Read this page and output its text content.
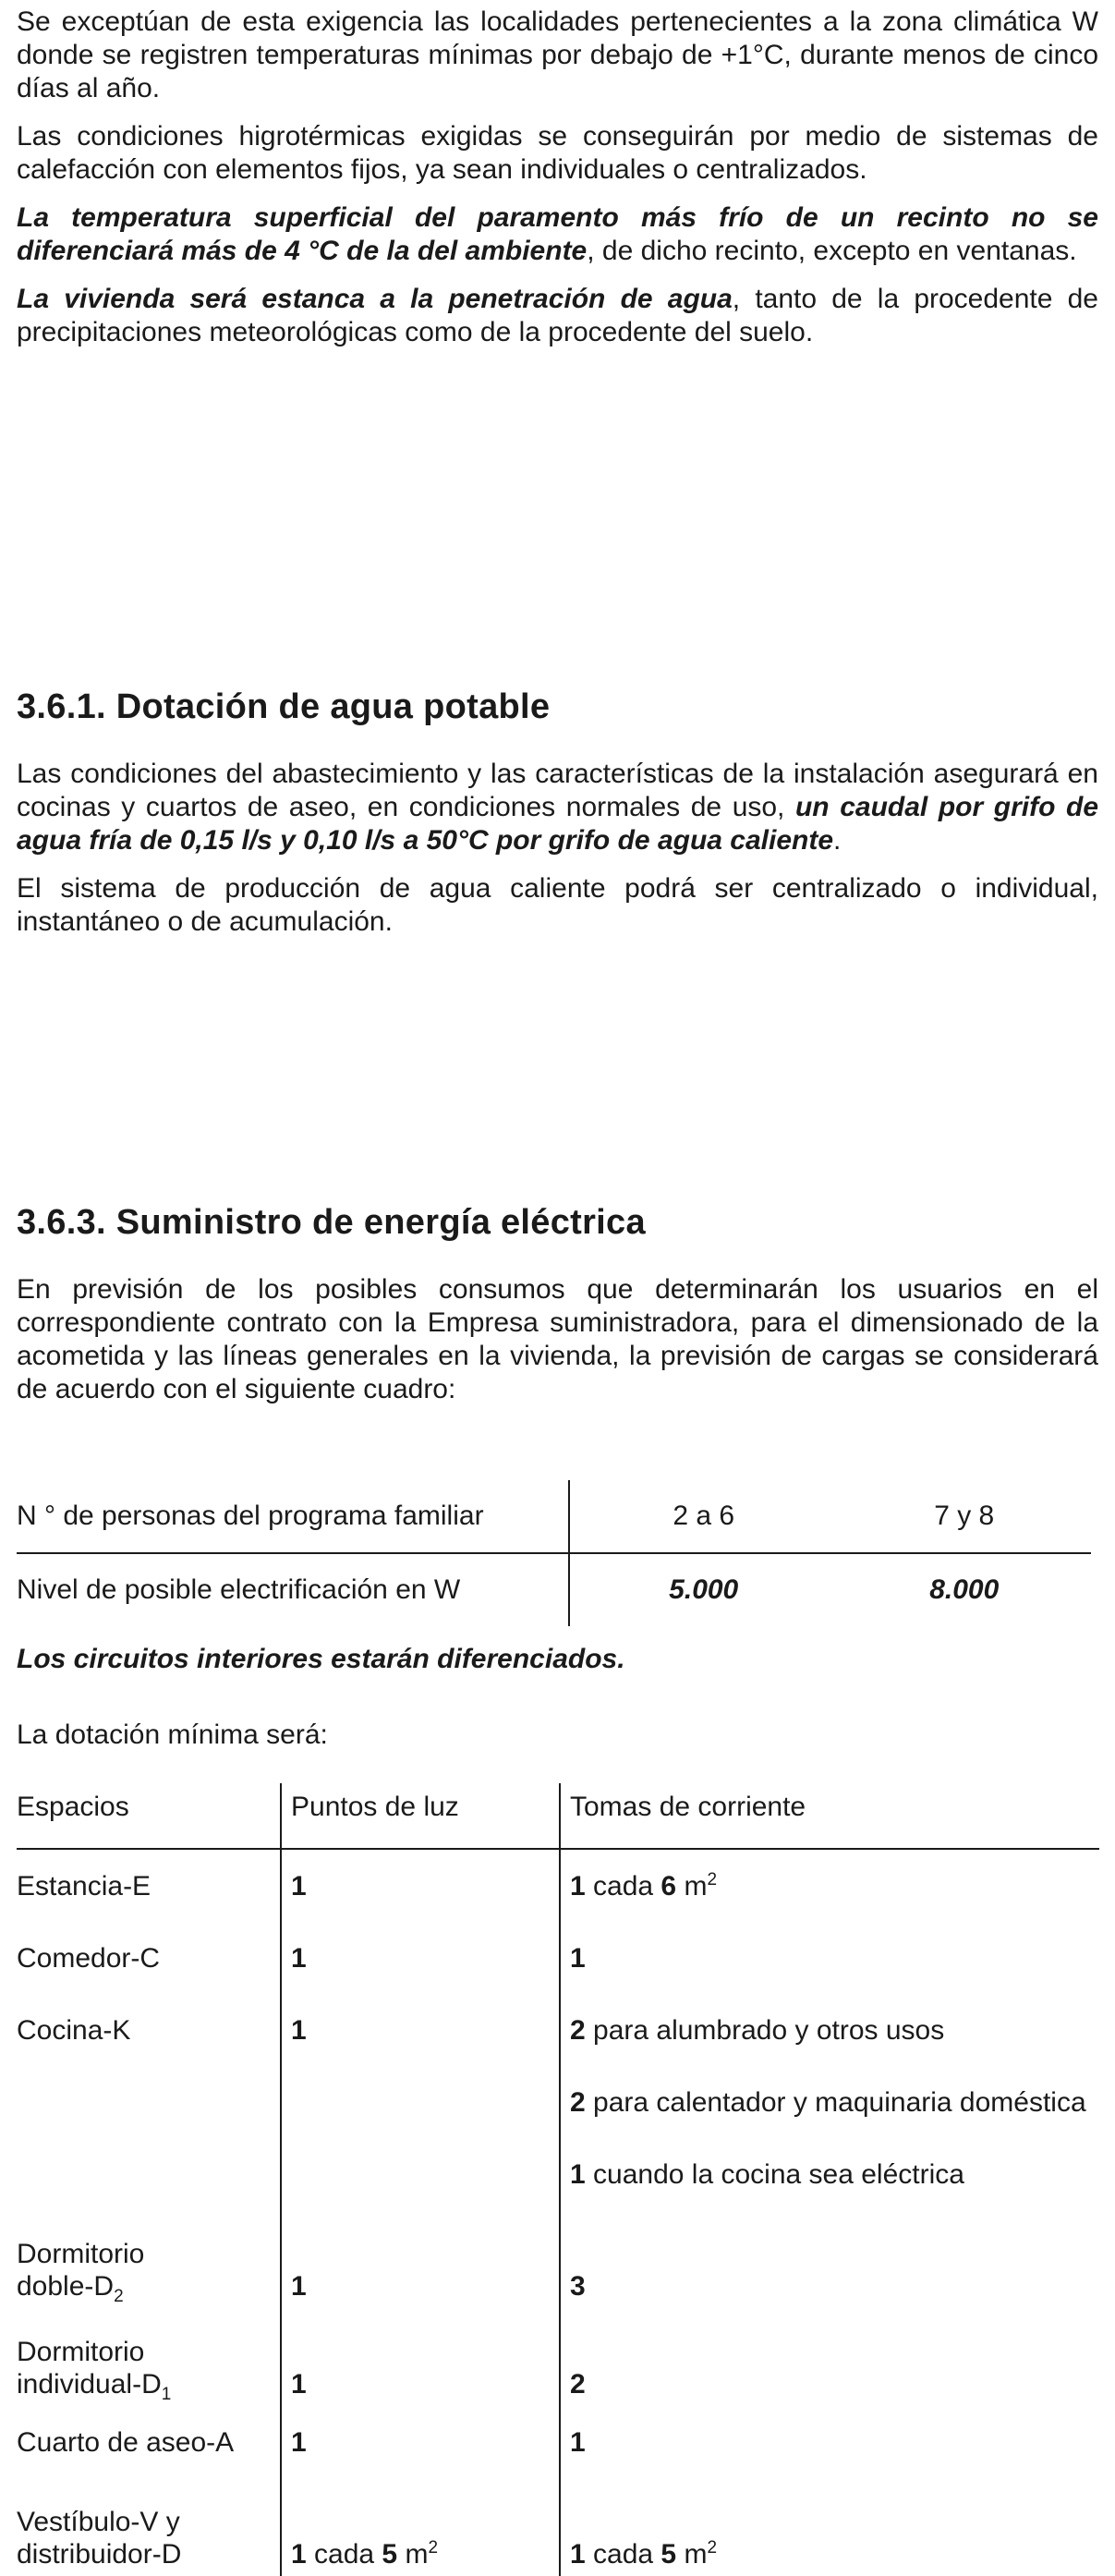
Se exceptúan de esta exigencia las localidades pertenecientes a la zona climática W donde se registren temperaturas mínimas por debajo de +1°C, durante menos de cinco días al año.

Las condiciones higrotérmicas exigidas se conseguirán por medio de sistemas de calefacción con elementos fijos, ya sean individuales o centralizados.

La temperatura superficial del paramento más frío de un recinto no se diferenciará más de 4 °C de la del ambiente, de dicho recinto, excepto en ventanas.

La vivienda será estanca a la penetración de agua, tanto de la procedente de precipitaciones meteorológicas como de la procedente del suelo.

3.6.1. Dotación de agua potable

Las condiciones del abastecimiento y las características de la instalación asegurará en cocinas y cuartos de aseo, en condiciones normales de uso, un caudal por grifo de agua fría de 0,15 l/s y 0,10 l/s a 50°C por grifo de agua caliente.

El sistema de producción de agua caliente podrá ser centralizado o individual, instantáneo o de acumulación.

3.6.3. Suministro de energía eléctrica

En previsión de los posibles consumos que determinarán los usuarios en el correspondiente contrato con la Empresa suministradora, para el dimensionado de la acometida y las líneas generales en la vivienda, la previsión de cargas se considerará de acuerdo con el siguiente cuadro:

N ° de personas del programa familiar	2 a 6	7 y 8
Nivel de posible electrificación en W	5.000	8.000

Los circuitos interiores estarán diferenciados.

La dotación mínima será:

Espacios	Puntos de luz	Tomas de corriente
Estancia-E	1	1 cada 6 $m^2$
Comedor-C	1	1
Cocina-K	1	2 para alumbrado y otros usos

		2 para calentador y maquinaria doméstica

		1 cuando la cocina sea eléctrica
Dormitorio
doble-$D_2$	1	3
Dormitorio
individual-$D_1$	1	2
Cuarto de aseo-A	1	1
Vestíbulo-V y
distribuidor-D	1 cada 5 $m^2$	1 cada 5 $m^2$
